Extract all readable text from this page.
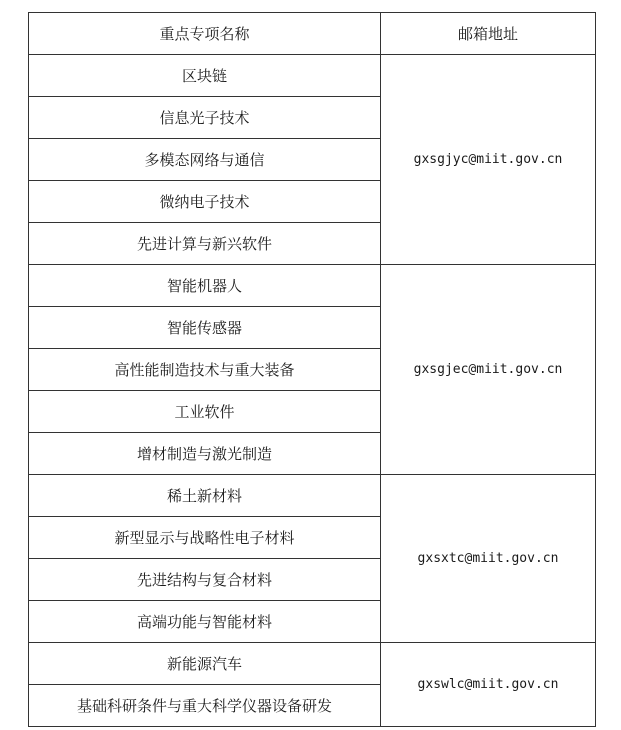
重点专项名称	邮箱地址
区块链	gxsgjyc@miit.gov.cn
信息光子技术	
多模态网络与通信	
微纳电子技术	
先进计算与新兴软件	
智能机器人	gxsgjec@miit.gov.cn
智能传感器	
高性能制造技术与重大装备	
工业软件	
增材制造与激光制造	
稀土新材料	gxsxtc@miit.gov.cn
新型显示与战略性电子材料	
先进结构与复合材料	
高端功能与智能材料	
新能源汽车	gxswlc@miit.gov.cn
基础科研条件与重大科学仪器设备研发	
